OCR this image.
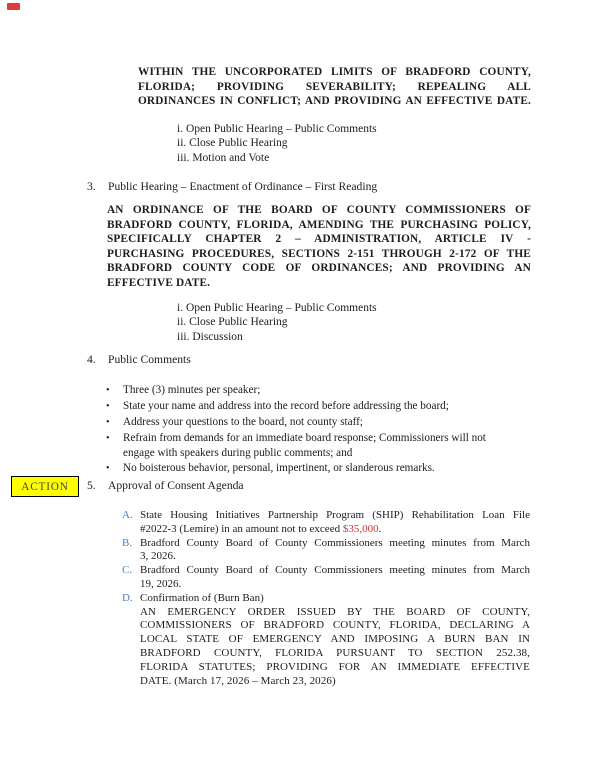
WITHIN THE UNCORPORATED LIMITS OF BRADFORD COUNTY,
FLORIDA; PROVIDING SEVERABILITY; REPEALING ALL
ORDINANCES IN CONFLICT; AND PROVIDING AN EFFECTIVE DATE.
i. Open Public Hearing – Public Comments
ii. Close Public Hearing
iii. Motion and Vote
3.	Public Hearing – Enactment of Ordinance – First Reading
AN ORDINANCE OF THE BOARD OF COUNTY COMMISSIONERS OF
BRADFORD COUNTY, FLORIDA, AMENDING THE PURCHASING POLICY,
SPECIFICALLY CHAPTER 2 – ADMINISTRATION, ARTICLE IV -
PURCHASING PROCEDURES, SECTIONS 2-151 THROUGH 2-172 OF THE
BRADFORD COUNTY CODE OF ORDINANCES; AND PROVIDING AN
EFFECTIVE DATE.
i. Open Public Hearing – Public Comments
ii. Close Public Hearing
iii. Discussion
4.	Public Comments
•	Three (3) minutes per speaker;
•	State your name and address into the record before addressing the board;
•	Address your questions to the board, not county staff;
•	Refrain from demands for an immediate board response; Commissioners will not
engage with speakers during public comments; and
•	No boisterous behavior, personal, impertinent, or slanderous remarks.
ACTION 5.	Approval of Consent Agenda
A. State Housing Initiatives Partnership Program (SHIP) Rehabilitation Loan File
#2022-3 (Lemire) in an amount not to exceed $35,000.
B. Bradford County Board of County Commissioners meeting minutes from March
3, 2026.
C. Bradford County Board of County Commissioners meeting minutes from March
19, 2026.
D. Confirmation of (Burn Ban)
AN EMERGENCY ORDER ISSUED BY THE BOARD OF COUNTY,
COMMISSIONERS OF BRADFORD COUNTY, FLORIDA, DECLARING A
LOCAL STATE OF EMERGENCY AND IMPOSING A BURN BAN IN
BRADFORD COUNTY, FLORIDA PURSUANT TO SECTION 252.38,
FLORIDA STATUTES; PROVIDING FOR AN IMMEDIATE EFFECTIVE
DATE. (March 17, 2026 – March 23, 2026)
